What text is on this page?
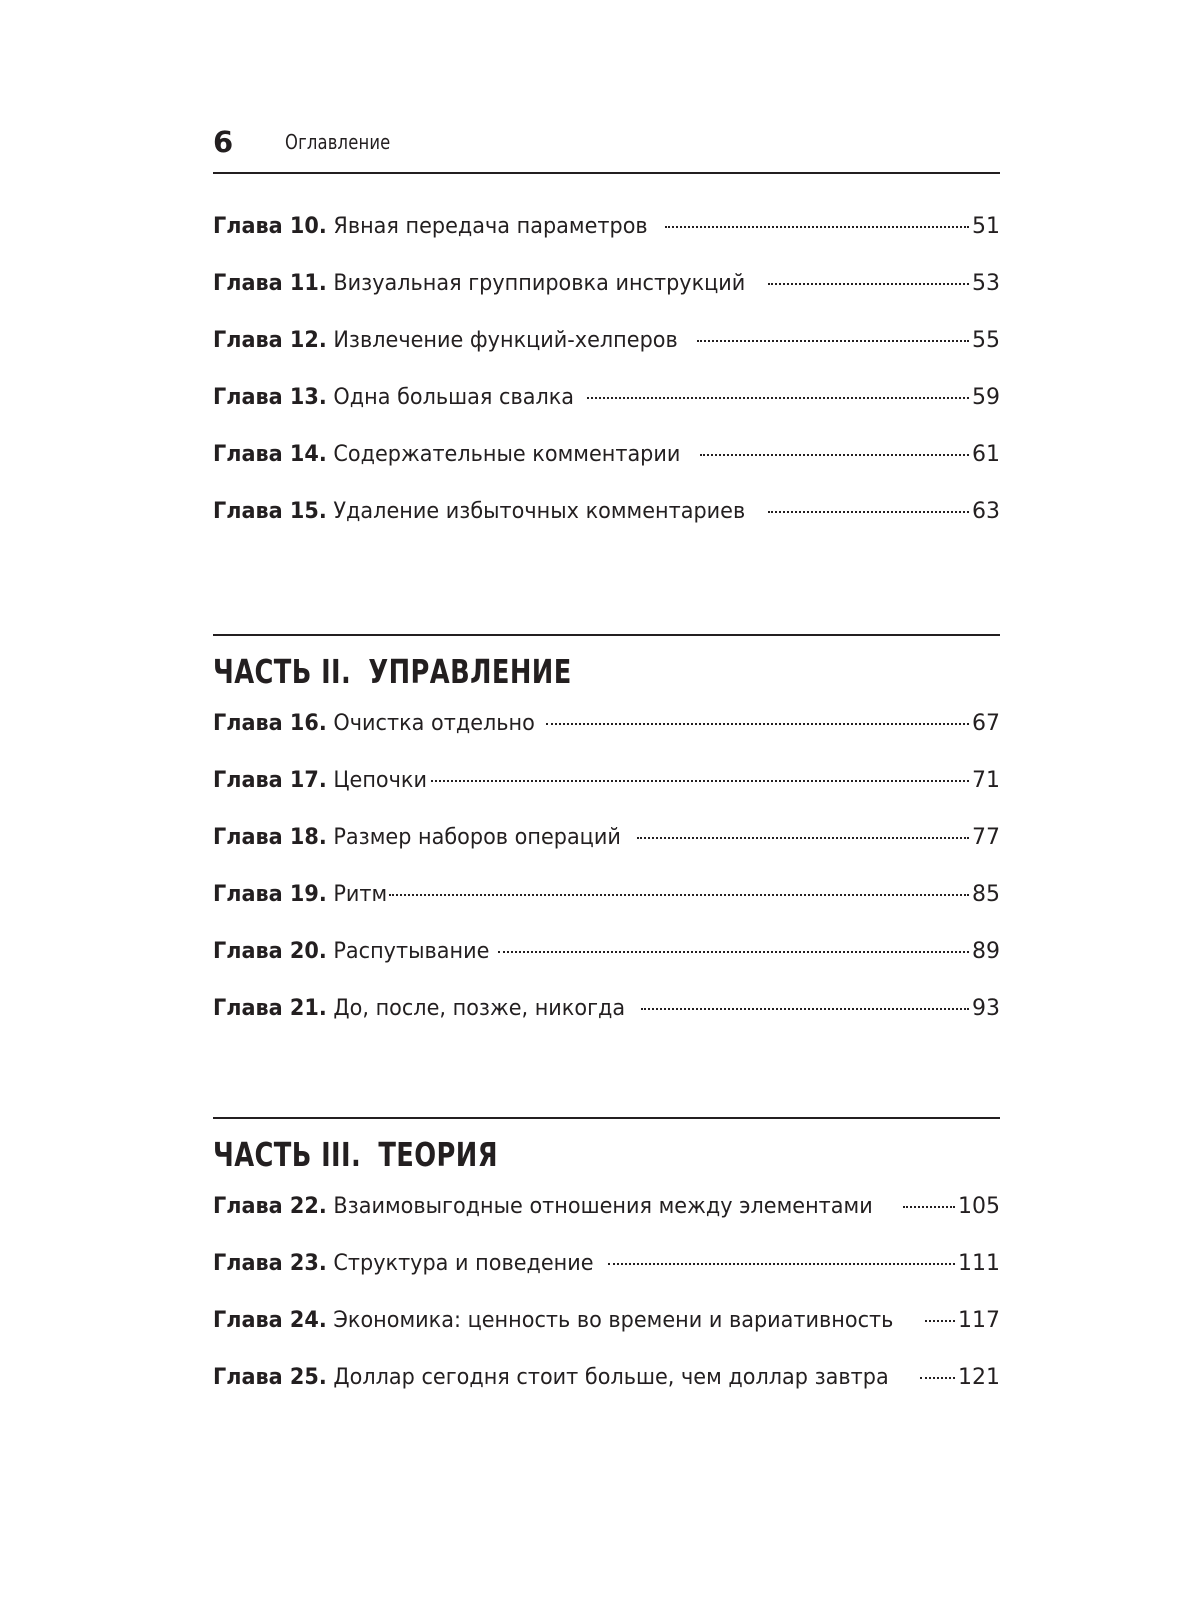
6	Оглавление
Глава 10. Явная передача параметров	51
Глава 11. Визуальная группировка инструкций	53
Глава 12. Извлечение функций-хелперов	55
Глава 13. Одна большая свалка	59
Глава 14. Содержательные комментарии	61
Глава 15. Удаление избыточных комментариев	63
ЧАСТЬ II. УПРАВЛЕНИЕ
Глава 16. Очистка отдельно	67
Глава 17. Цепочки	71
Глава 18. Размер наборов операций	77
Глава 19. Ритм	85
Глава 20. Распутывание	89
Глава 21. До, после, позже, никогда	93
ЧАСТЬ III. ТЕОРИЯ
Глава 22. Взаимовыгодные отношения между элементами	105
Глава 23. Структура и поведение	111
Глава 24. Экономика: ценность во времени и вариативность	117
Глава 25. Доллар сегодня стоит больше, чем доллар завтра	121
